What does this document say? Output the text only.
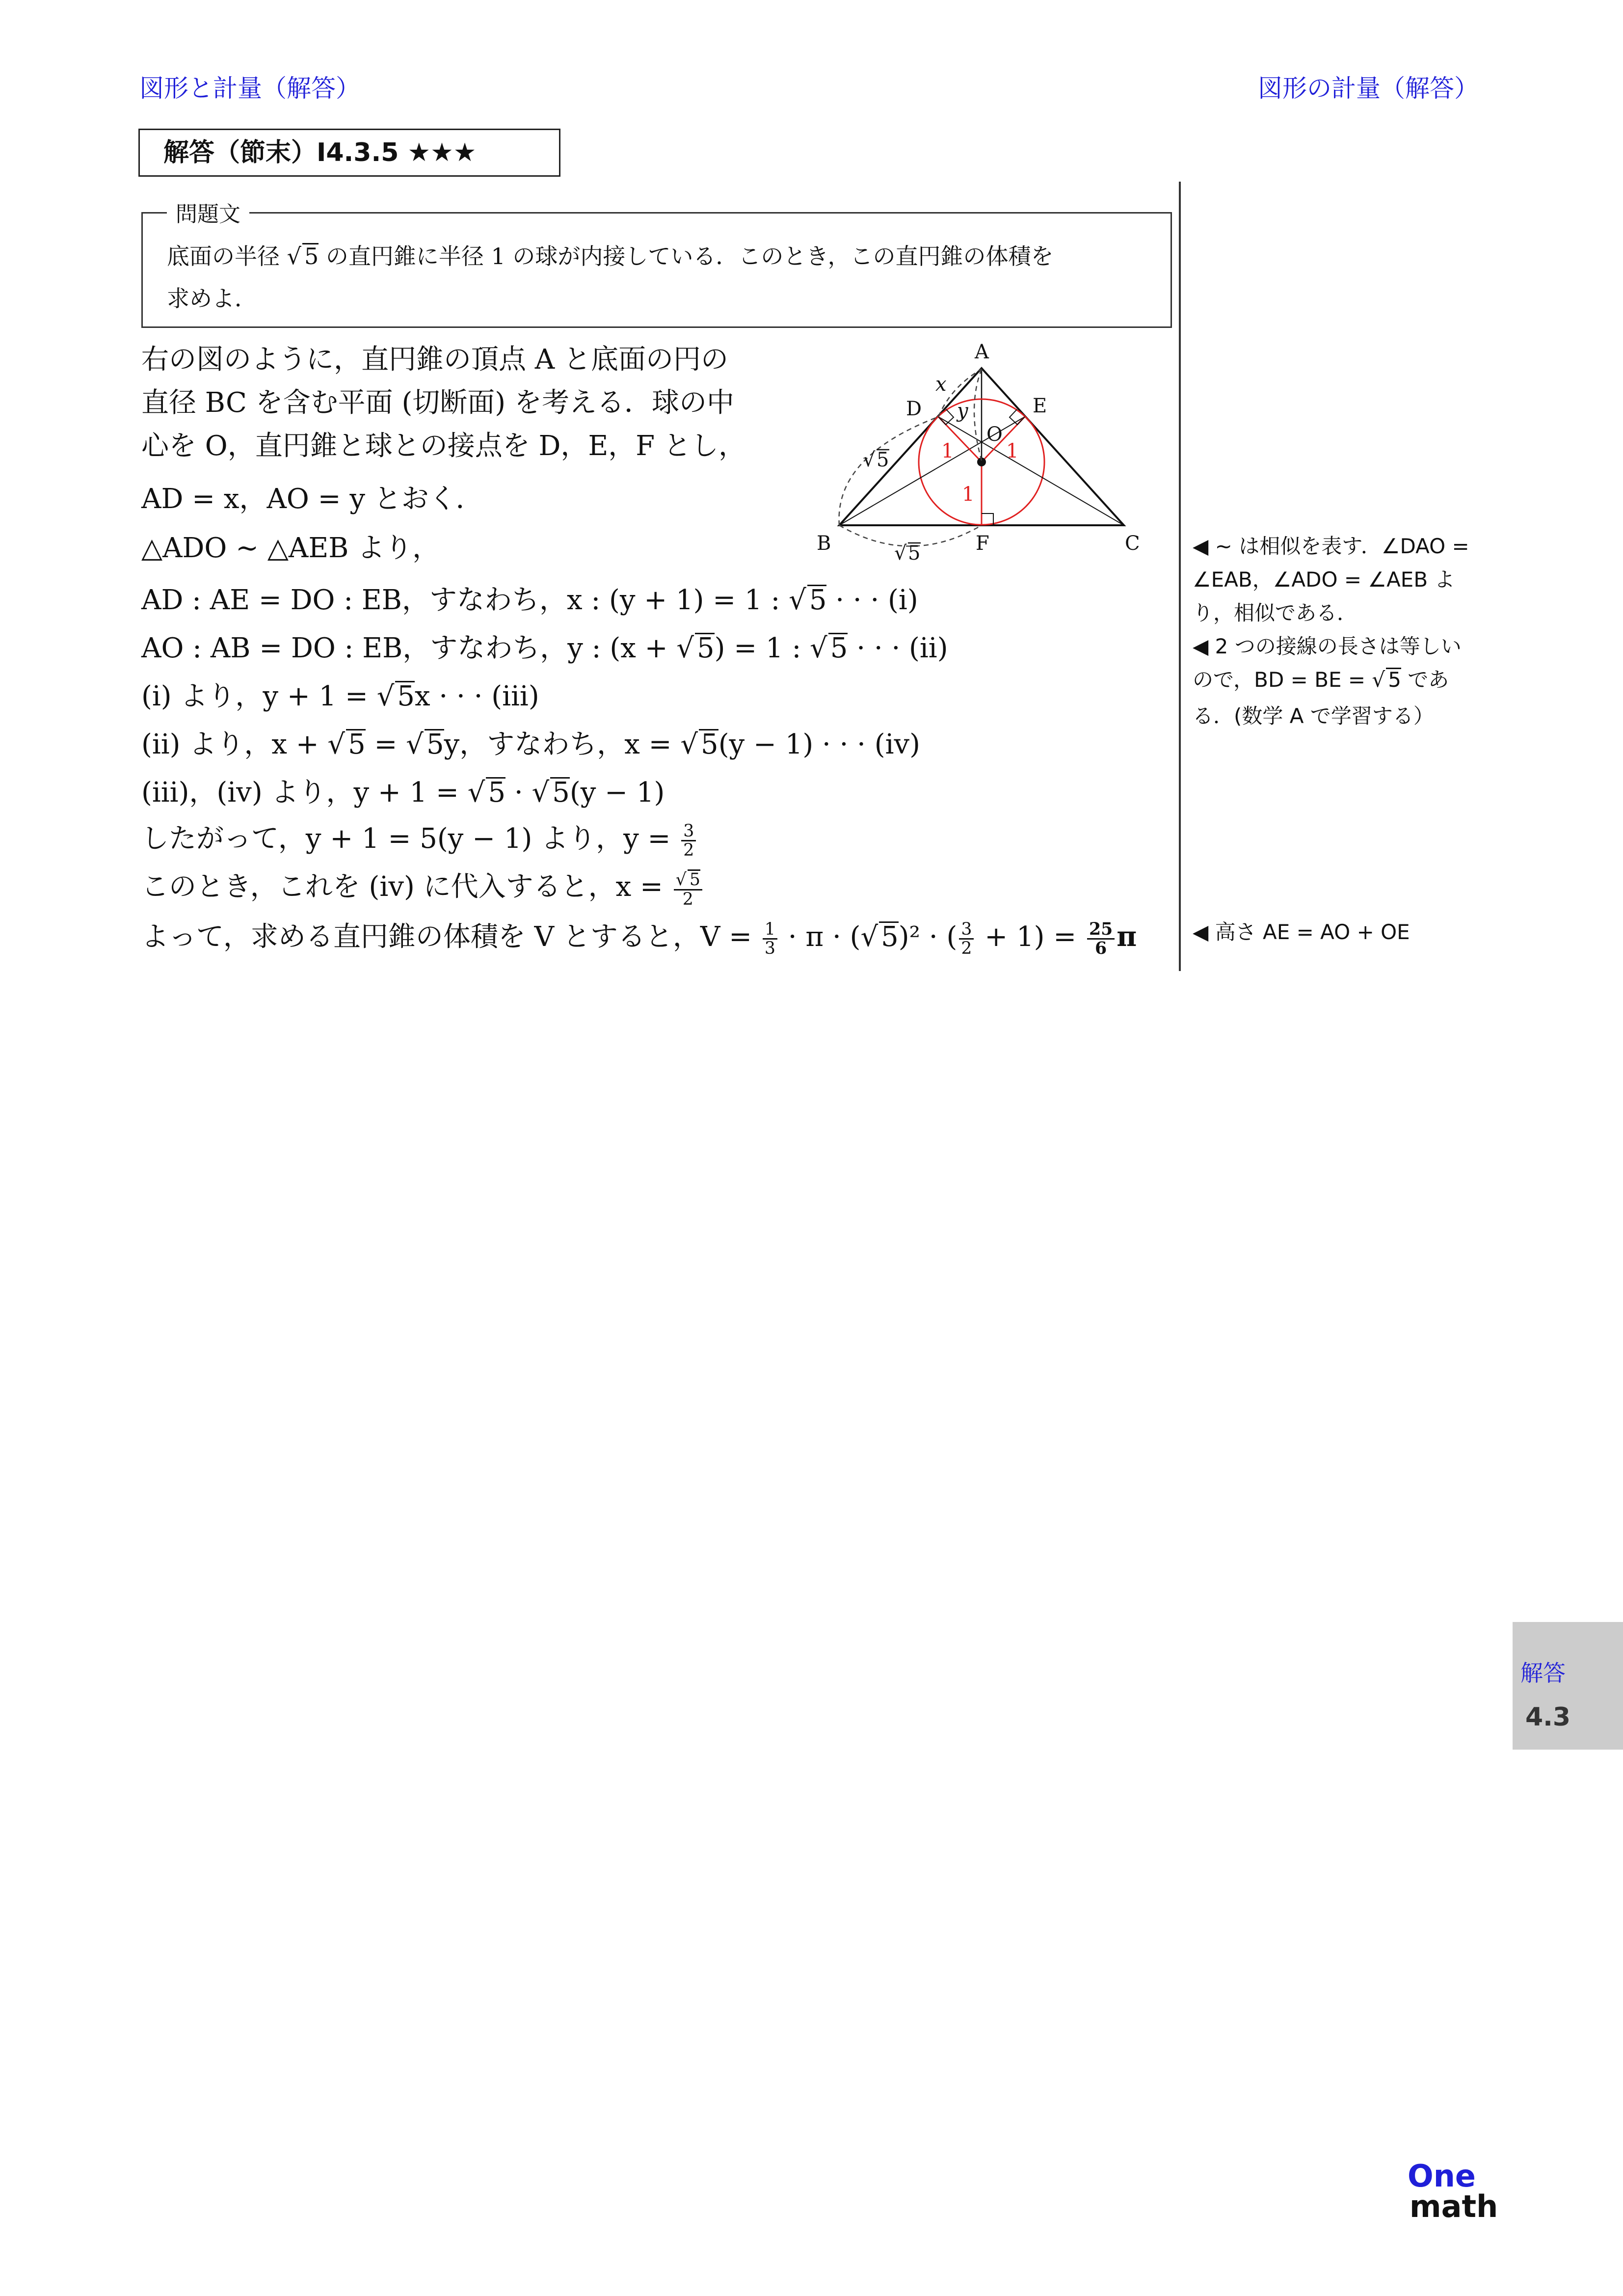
図形と計量（解答）	図形の計量（解答）
解答（節末）I4.3.5 ★★★
問題文
底面の半径 √ 5 の直円錐に半径 1 の球が内接している．このとき，この直円錐の体積を
求めよ．
右の図のように，直円錐の頂点 A と底面の円の
直径 BC を含む平面 (切断面) を考える．球の中
心を O，直円錐と球との接点を D，E，F とし，
AD = x，AO = y とおく．
△ADO ∼ △AEB より，
A
B	C
D	E
F
O
x
y
√ 5
√ 5
1	1
1
AD : AE = DO : EB，すなわち，x : (y + 1) = 1 : √ 5 · · · (i)
AO : AB = DO : EB，すなわち，y : (x + √ 5) = 1 : √ 5 · · · (ii)
(i) より，y + 1 = √ 5x · · · (iii)
(ii) より，x + √ 5 = √ 5y，すなわち，x = √ 5(y − 1) · · · (iv)
(iii)，(iv) より，y + 1 = √ 5 · √ 5(y − 1)
したがって，y + 1 = 5(y − 1) より，$y = \frac{3}{2}$
このとき，これを (iv) に代入すると，$x = \frac{√ 5}{2}$
よって，求める直円錐の体積を V とすると，$V = \frac{1}{3} \cdot \pi$ · (√ 5)² · ( $\frac{3}{2} + 1) = \frac{25}{6}$ π
◀ ∼ は相似を表す．∠DAO =
∠EAB，∠ADO = ∠AEB よ
り，相似である．
◀ 2 つの接線の長さは等しい
ので，BD = BE = √ 5 であ
る．(数学 A で学習する）
◀ 高さ AE = AO + OE
解答
4.3
One
math
